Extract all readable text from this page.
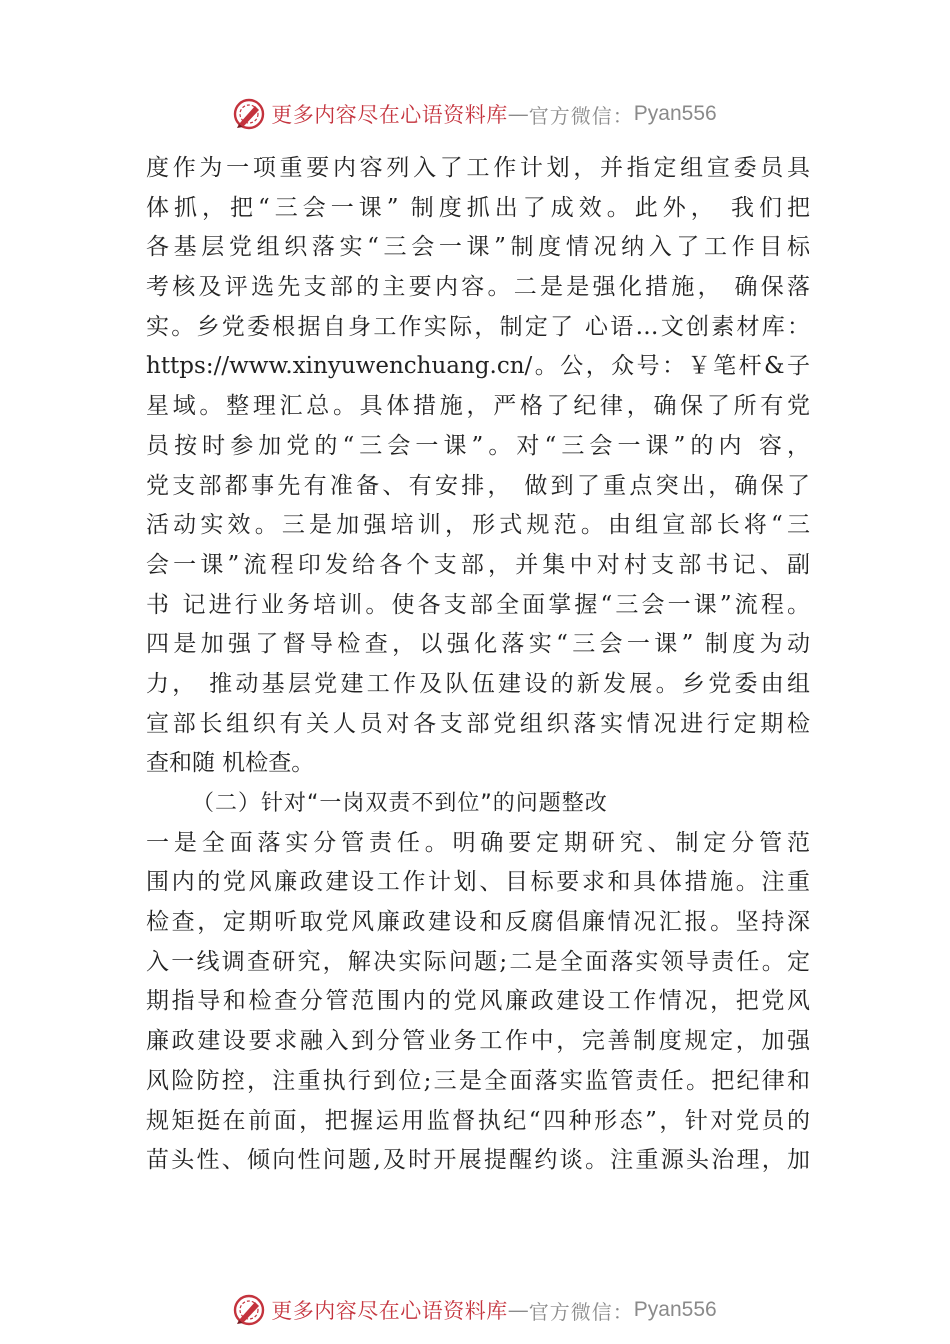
更多内容尽在心语资料库 — 官方微信： Pyan556
度作为一项重要内容列入了工作计划，并指定组宣委员具
体抓，把“三会一课” 制度抓出了成效。此外， 我们把
各基层党组织落实“三会一课”制度情况纳入了工作目标
考核及评选先支部的主要内容。二是是强化措施， 确保落
实。乡党委根据自身工作实际，制定了 心语…文创素材库：
https://www.xinyuwenchuang.cn/。公，众号：￥笔杆&子
星域。整理汇总。具体措施，严格了纪律，确保了所有党
员按时参加党的“三会一课”。对“三会一课”的内 容，
党支部都事先有准备、有安排， 做到了重点突出，确保了
活动实效。三是加强培训，形式规范。由组宣部长将“三
会一课”流程印发给各个支部，并集中对村支部书记、副
书 记进行业务培训。使各支部全面掌握“三会一课”流程。
四是加强了督导检查，以强化落实“三会一课” 制度为动
力， 推动基层党建工作及队伍建设的新发展。乡党委由组
宣部长组织有关人员对各支部党组织落实情况进行定期检
查和随 机检查。
（二）针对“一岗双责不到位”的问题整改
一是全面落实分管责任。明确要定期研究、制定分管范
围内的党风廉政建设工作计划、目标要求和具体措施。注重
检查，定期听取党风廉政建设和反腐倡廉情况汇报。坚持深
入一线调查研究，解决实际问题;二是全面落实领导责任。定
期指导和检查分管范围内的党风廉政建设工作情况，把党风
廉政建设要求融入到分管业务工作中，完善制度规定，加强
风险防控，注重执行到位;三是全面落实监管责任。把纪律和
规矩挺在前面，把握运用监督执纪“四种形态”，针对党员的
苗头性、倾向性问题,及时开展提醒约谈。注重源头治理，加
更多内容尽在心语资料库 — 官方微信： Pyan556
